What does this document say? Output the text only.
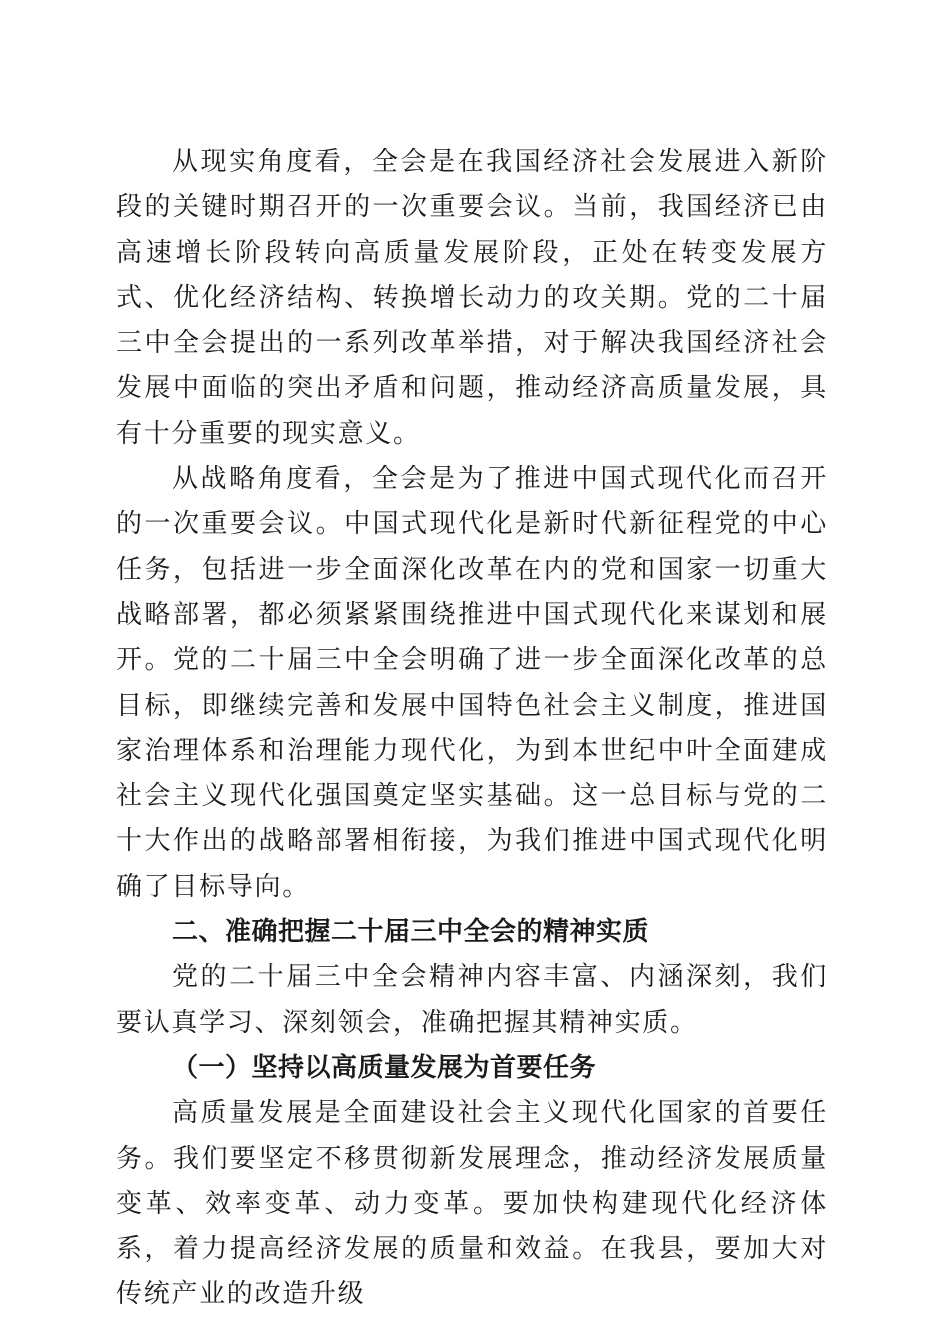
从现实角度看，全会是在我国经济社会发展进入新阶段的关键时期召开的一次重要会议。当前，我国经济已由高速增长阶段转向高质量发展阶段，正处在转变发展方式、优化经济结构、转换增长动力的攻关期。党的二十届三中全会提出的一系列改革举措，对于解决我国经济社会发展中面临的突出矛盾和问题，推动经济高质量发展，具有十分重要的现实意义。

从战略角度看，全会是为了推进中国式现代化而召开的一次重要会议。中国式现代化是新时代新征程党的中心任务，包括进一步全面深化改革在内的党和国家一切重大战略部署，都必须紧紧围绕推进中国式现代化来谋划和展开。党的二十届三中全会明确了进一步全面深化改革的总目标，即继续完善和发展中国特色社会主义制度，推进国家治理体系和治理能力现代化，为到本世纪中叶全面建成社会主义现代化强国奠定坚实基础。这一总目标与党的二十大作出的战略部署相衔接，为我们推进中国式现代化明确了目标导向。

二、准确把握二十届三中全会的精神实质

党的二十届三中全会精神内容丰富、内涵深刻，我们要认真学习、深刻领会，准确把握其精神实质。

（一）坚持以高质量发展为首要任务

高质量发展是全面建设社会主义现代化国家的首要任务。我们要坚定不移贯彻新发展理念，推动经济发展质量变革、效率变革、动力变革。要加快构建现代化经济体系，着力提高经济发展的质量和效益。在我县，要加大对传统产业的改造升级
